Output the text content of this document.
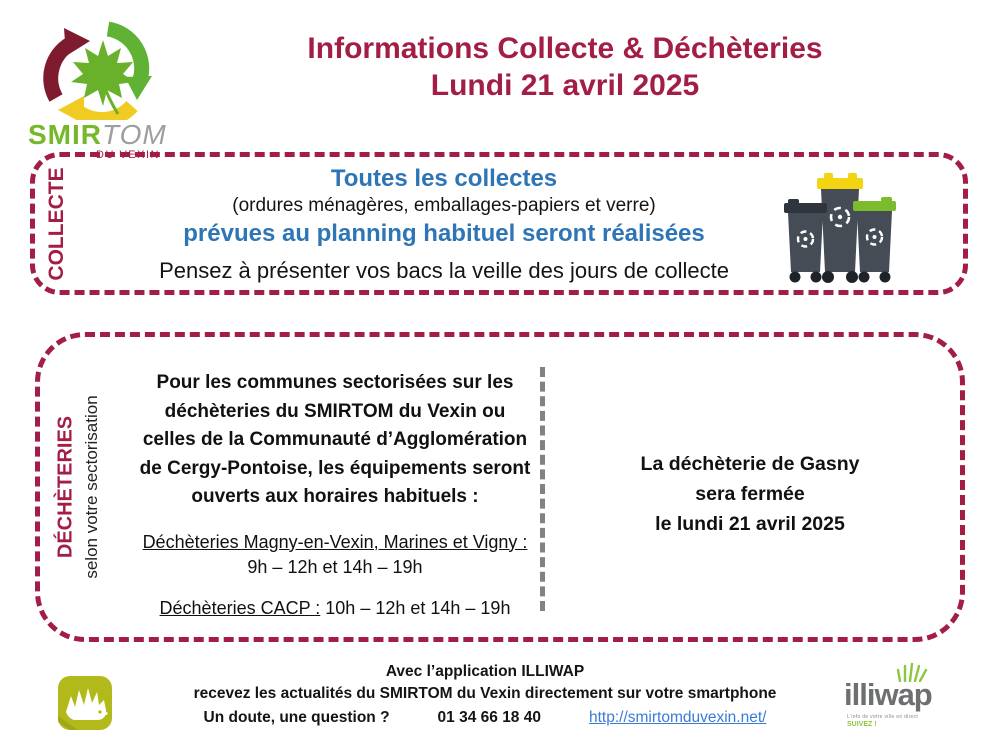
SMIRTOM
DU VEXIN
Informations Collecte & Déchèteries
Lundi 21 avril 2025
COLLECTE	Toutes les collectes
(ordures ménagères, emballages-papiers et verre)
prévues au planning habituel seront réalisées
Pensez à présenter vos bacs la veille des jours de collecte
DÉCHÈTERIES selon votre sectorisation
Pour les communes sectorisées sur les
déchèteries du SMIRTOM du Vexin ou
celles de la Communauté d’Agglomération
de Cergy-Pontoise, les équipements seront
ouverts aux horaires habituels :
Déchèteries Magny-en-Vexin, Marines et Vigny :
9h – 12h et 14h – 19h
Déchèteries CACP : 10h – 12h et 14h – 19h
La déchèterie de Gasny
sera fermée
le lundi 21 avril 2025
Avec l’application ILLIWAP
recevez les actualités du SMIRTOM du Vexin directement sur votre smartphone
Un doute, une question ?	01 34 66 18 40	http://smirtomduvexin.net/
illiwap
L'info de votre ville en direct
SUIVEZ !
